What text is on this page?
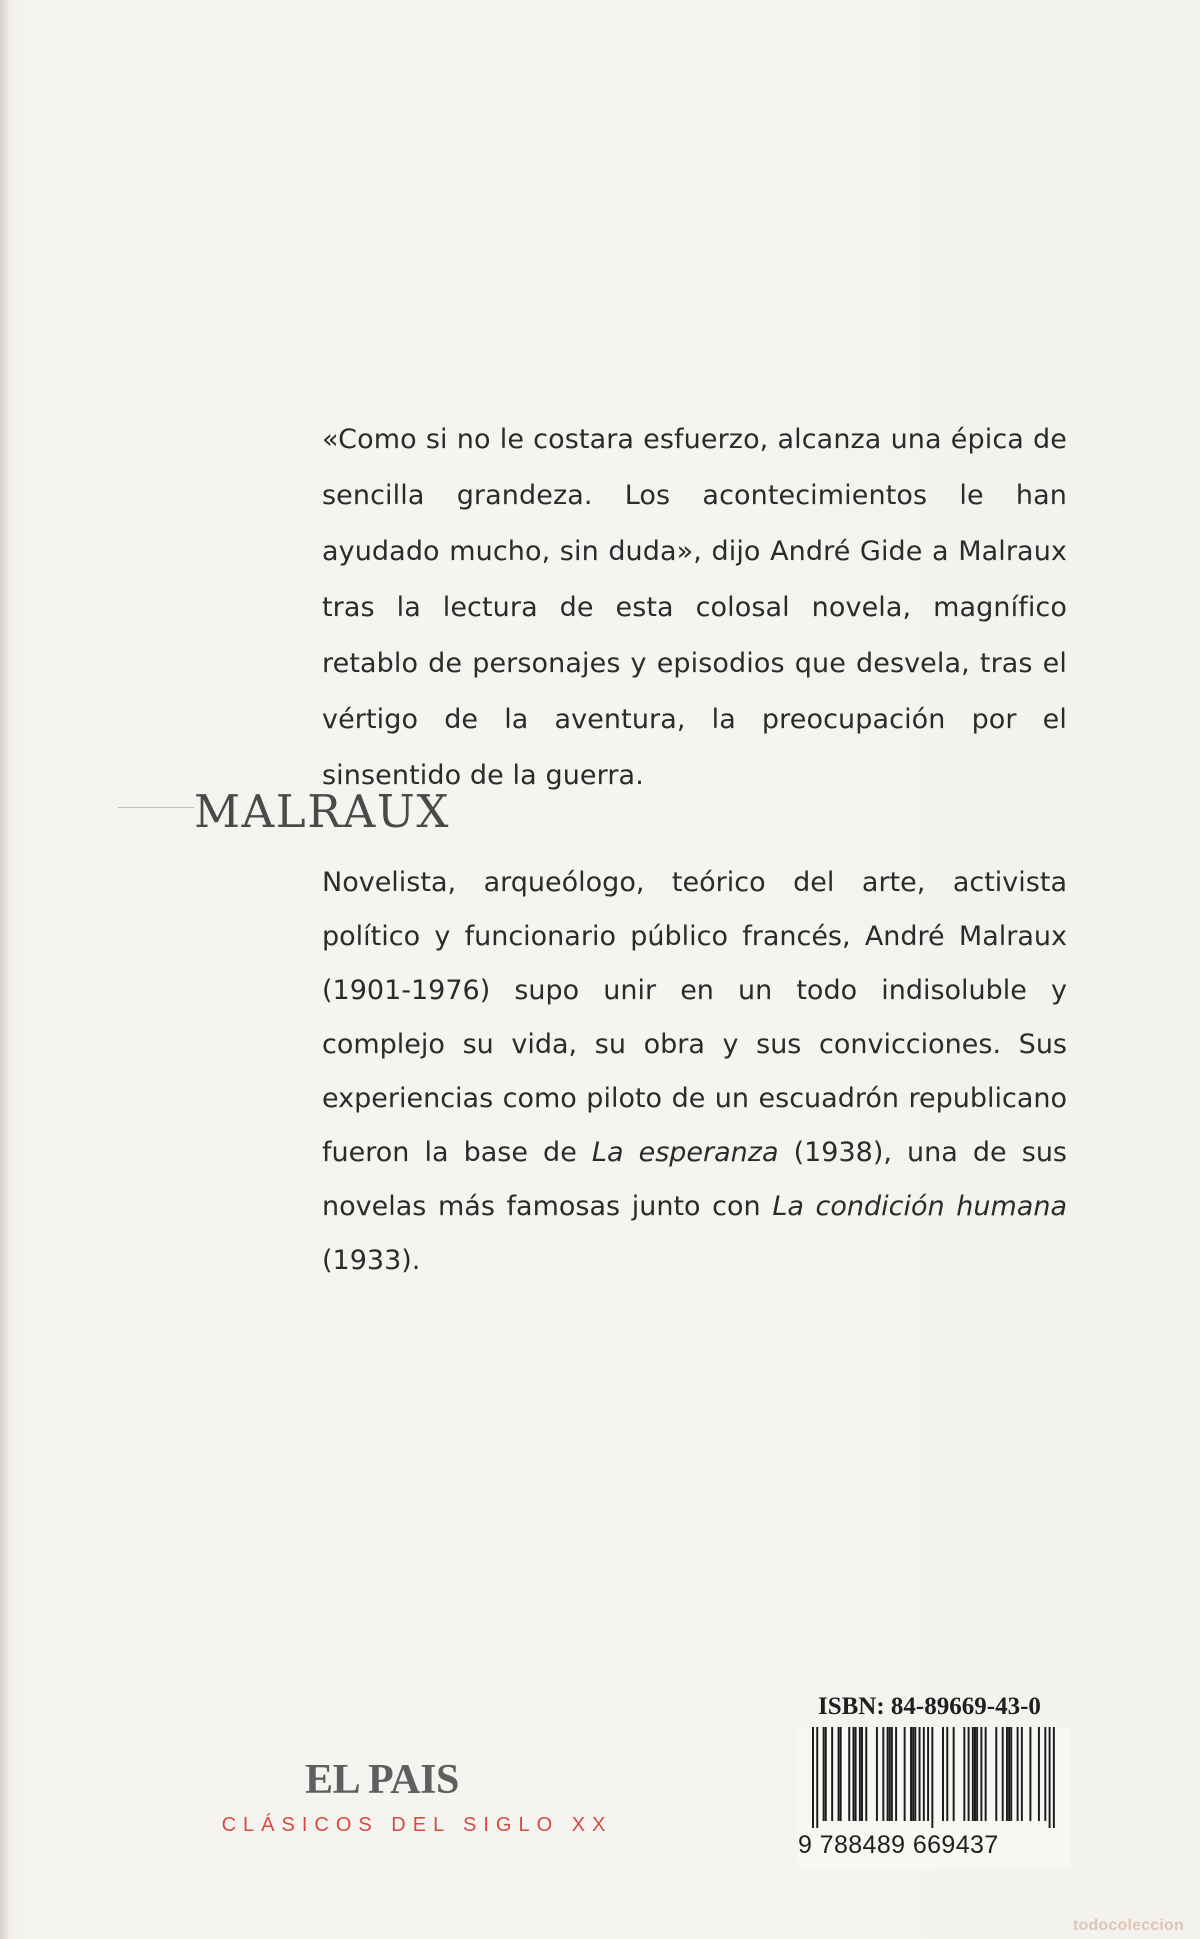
«Como si no le costara esfuerzo, alcanza una épica de sencilla grandeza. Los acontecimientos le han ayudado mucho, sin duda», dijo André Gide a Malraux tras la lectura de esta colosal novela, magnífico retablo de personajes y episodios que desvela, tras el vértigo de la aventura, la preocupación por el sinsentido de la guerra.

MALRAUX

Novelista, arqueólogo, teórico del arte, activista político y funcionario público francés, André Malraux (1901-1976) supo unir en un todo indisoluble y complejo su vida, su obra y sus convicciones. Sus experiencias como piloto de un escuadrón republicano fueron la base de La esperanza (1938), una de sus novelas más famosas junto con La condición humana (1933).

EL PAIS
CLÁSICOS DEL SIGLO XX
ISBN: 84-89669-43-0
9 788489 669437
todocoleccion
